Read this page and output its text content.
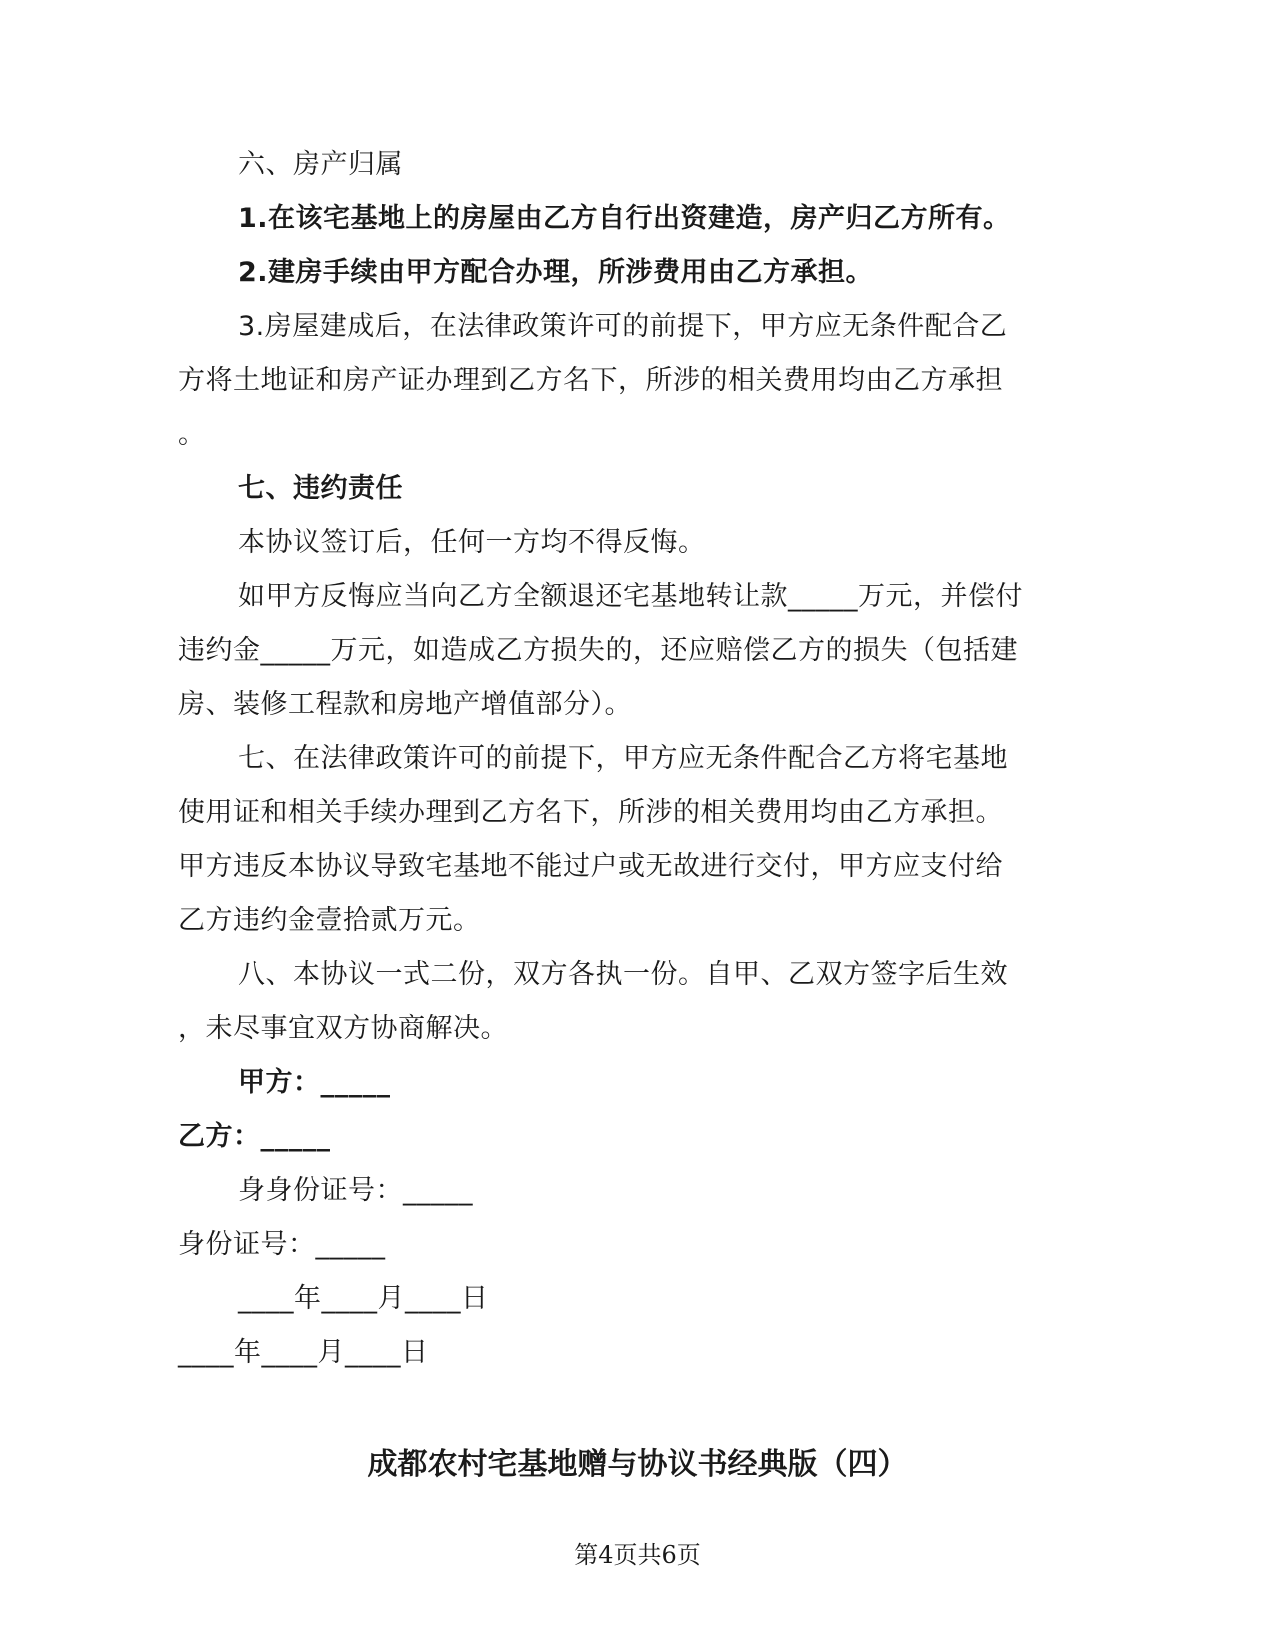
六、房产归属
1.在该宅基地上的房屋由乙方自行出资建造，房产归乙方所有。
2.建房手续由甲方配合办理，所涉费用由乙方承担。
3.房屋建成后，在法律政策许可的前提下，甲方应无条件配合乙
方将土地证和房产证办理到乙方名下，所涉的相关费用均由乙方承担
。
七、违约责任
本协议签订后，任何一方均不得反悔。
如甲方反悔应当向乙方全额退还宅基地转让款_____万元，并偿付
违约金_____万元，如造成乙方损失的，还应赔偿乙方的损失（包括建
房、装修工程款和房地产增值部分）。
七、在法律政策许可的前提下，甲方应无条件配合乙方将宅基地
使用证和相关手续办理到乙方名下，所涉的相关费用均由乙方承担。
甲方违反本协议导致宅基地不能过户或无故进行交付，甲方应支付给
乙方违约金壹拾贰万元。
八、本协议一式二份，双方各执一份。自甲、乙双方签字后生效
，未尽事宜双方协商解决。
甲方：_____
乙方：_____
身身份证号：_____
身份证号：_____
____年____月____日
____年____月____日
成都农村宅基地赠与协议书经典版（四）
第4页共6页
